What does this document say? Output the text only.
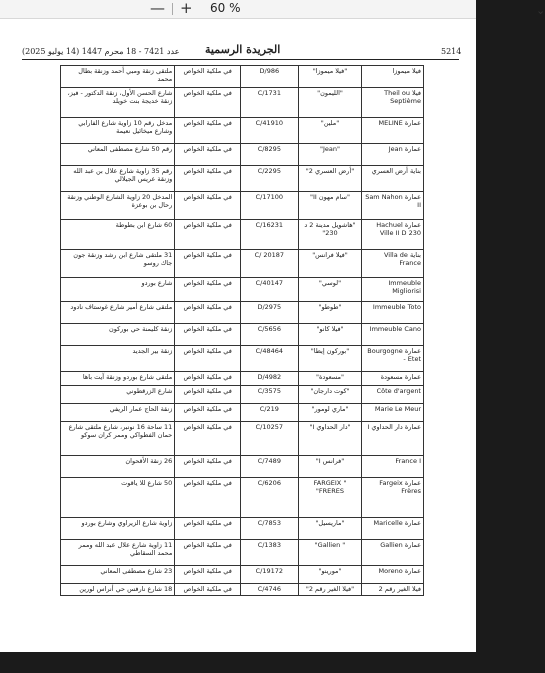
— +	60 %	⌄
عدد 7421 - 18 محرم 1447 (14 يوليو 2025) الجريدة الرسمية	5214
فيلا ميموزا	"فيلا ميموزا"	D/986	في ملكية الخواص	ملتقى زنقة ومبي أحمد وزنقة بطال محمد
فيلا Theil ou Septième	"الليمون"	C/1731	في ملكية الخواص	شارع الحسن الأول، زنقة الدكتور - فيز، زنقة خديجة بنت خويلد
عمارة MELINE	"ملين"	C/41910	في ملكية الخواص	مدخل رقم 10 زاوية شارع الفارابي وشارع ميخائيل نعيمة
عمارة Jean	"Jean"	C/8295	في ملكية الخواص	رقم 50 شارع مصطفى المعاني
بناية أرض العسري	"أرض العسري 2"	C/2295	في ملكية الخواص	رقم 35 زاوية شارع علال بن عبد الله وزنقة عريس الجيلالي
عمارة Sam Nahon II	"سام مهون II"	C/17100	في ملكية الخواص	المدخل 20 زاوية الشارع الوطني وزنقة رحال بن بوعزة
عمارة Hachuel Ville II D 230	"هاشويل مدينة 2 د 230"	C/16231	في ملكية الخواص	60 شارع ابن بطوطة
بناية Villa de France	"فيلا فرانس"	C/ 20187	في ملكية الخواص	31 ملتقى شارع ابن رشد وزنقة جون جاك روسو
Immeuble Migliorisi	"لوسي"	C/40147	في ملكية الخواص	شارع بوردو
Immeuble Toto	"طوطو"	D/2975	في ملكية الخواص	ملتقى شارع أمير شارع غوستاف نادود
Immeuble Cano	"فيلا كانو"	C/5656	في ملكية الخواص	زنقة كليمنة حي بوركون
عمارة Bourgogne - Etet	"بوركون إيطا"	C/48464	في ملكية الخواص	زنقة بير الجديد
عمارة مسعودة	"مسعودة"	D/4982	في ملكية الخواص	ملتقى شارع بوردو وزنقة آيت باها
Côte d'argent	"كوت دارجان"	C/3575	في ملكية الخواص	شارع الزرقطوني
Marie Le Meur	"ماري لومور"	C/219	في ملكية الخواص	زنقة الحاج عمار الريفي
عمارة دار الحداوي I	"دار الحداوي I"	C/10257	في ملكية الخواص	11 ساحة 16 نونبر، شارع ملتقى شارع حمان الفطواكي وممر كران سوكو
France I	"فرانس I"	C/7489	في ملكية الخواص	26 زنقة الأقحوان
عمارة Fargeix Frères	" FARGEIX FRERES"	C/6206	في ملكية الخواص	50 شارع للا ياقوت
عمارة Maricelle	"ماريسيل"	C/7853	في ملكية الخواص	زاوية شارع الزيراوي وشارع بوردو
عمارة Gallien	" Gallien"	C/1383	في ملكية الخواص	11 زاوية شارع علال عبد الله وممر محمد السقاطي
عمارة Moreno	"مورينو"	C/19172	في ملكية الخواص	23 شارع مصطفى المعاني
فيلا الغير رقم 2	"فيلا الغير رقم 2"	C/4746	في ملكية الخواص	18 شارع نارفس حي أنراس لورين
